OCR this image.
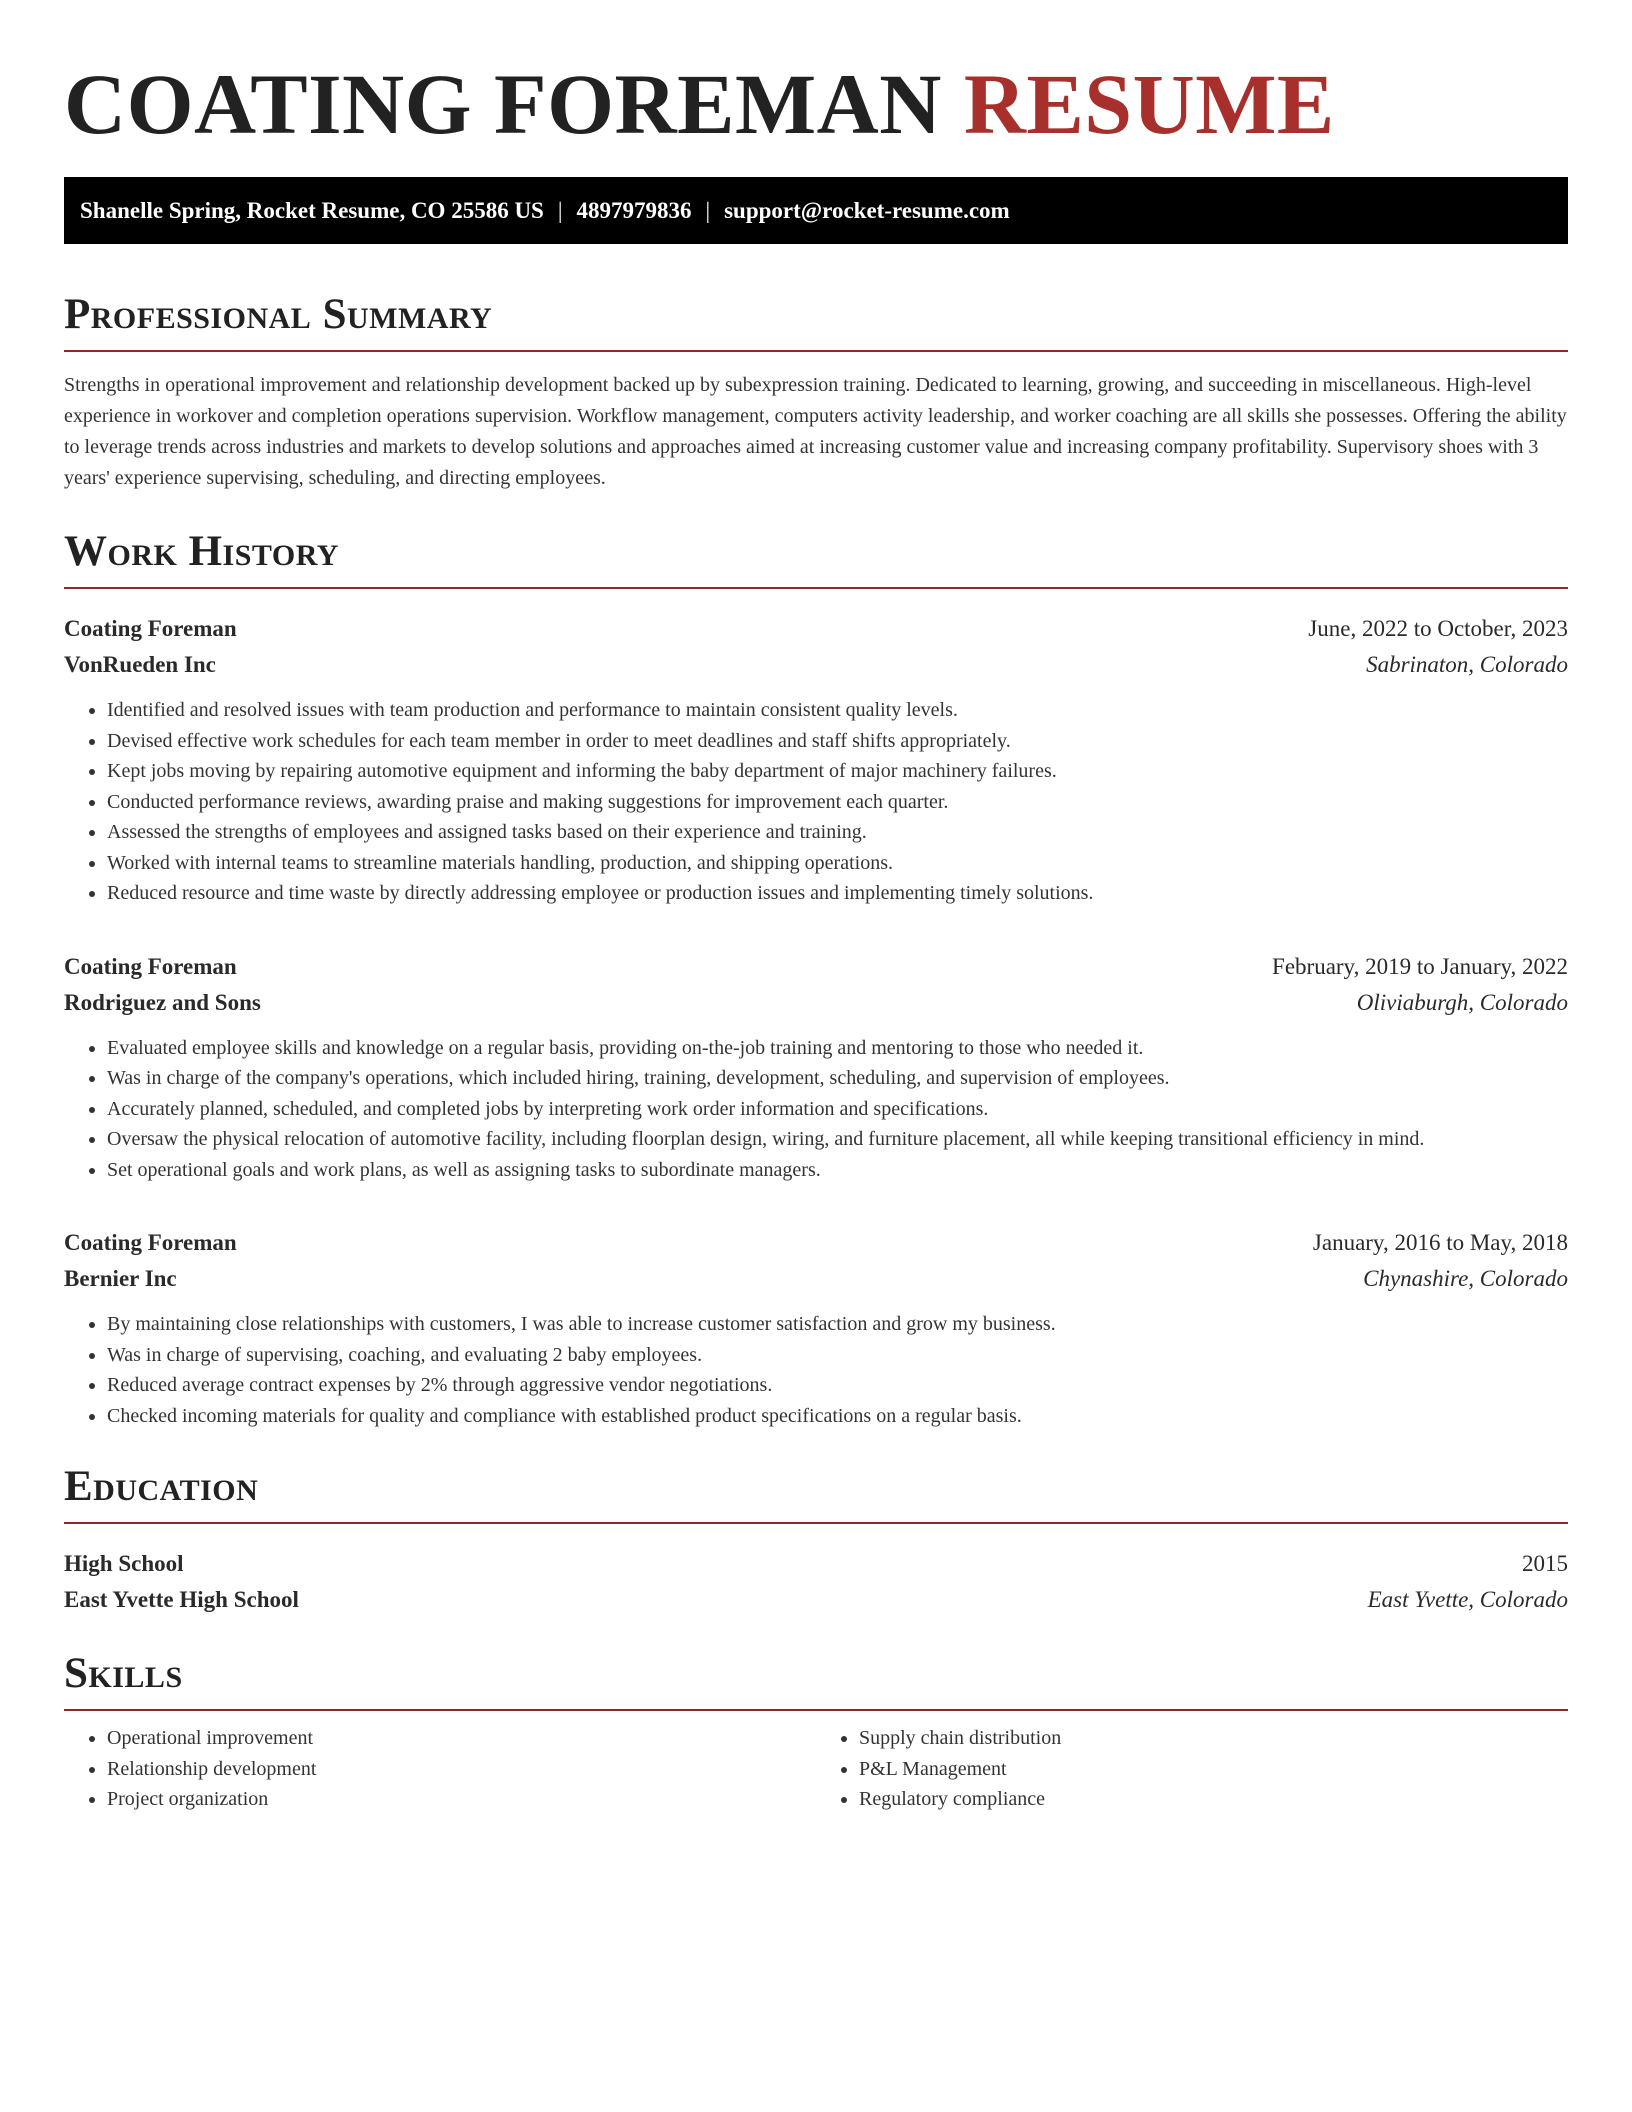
COATING FOREMAN RESUME
Shanelle Spring, Rocket Resume, CO 25586 US | 4897979836 | support@rocket-resume.com
Professional Summary

Strengths in operational improvement and relationship development backed up by subexpression training. Dedicated to learning, growing, and succeeding in miscellaneous. High-level experience in workover and completion operations supervision. Workflow management, computers activity leadership, and worker coaching are all skills she possesses. Offering the ability to leverage trends across industries and markets to develop solutions and approaches aimed at increasing customer value and increasing company profitability. Supervisory shoes with 3 years' experience supervising, scheduling, and directing employees.

Work History
Coating Foreman	June, 2022 to October, 2023
VonRueden Inc	Sabrinaton, Colorado
• Identified and resolved issues with team production and performance to maintain consistent quality levels.
• Devised effective work schedules for each team member in order to meet deadlines and staff shifts appropriately.
• Kept jobs moving by repairing automotive equipment and informing the baby department of major machinery failures.
• Conducted performance reviews, awarding praise and making suggestions for improvement each quarter.
• Assessed the strengths of employees and assigned tasks based on their experience and training.
• Worked with internal teams to streamline materials handling, production, and shipping operations.
• Reduced resource and time waste by directly addressing employee or production issues and implementing timely solutions.
Coating Foreman	February, 2019 to January, 2022
Rodriguez and Sons	Oliviaburgh, Colorado
• Evaluated employee skills and knowledge on a regular basis, providing on-the-job training and mentoring to those who needed it.
• Was in charge of the company's operations, which included hiring, training, development, scheduling, and supervision of employees.
• Accurately planned, scheduled, and completed jobs by interpreting work order information and specifications.
• Oversaw the physical relocation of automotive facility, including floorplan design, wiring, and furniture placement, all while keeping transitional efficiency in mind.
• Set operational goals and work plans, as well as assigning tasks to subordinate managers.
Coating Foreman	January, 2016 to May, 2018
Bernier Inc	Chynashire, Colorado
• By maintaining close relationships with customers, I was able to increase customer satisfaction and grow my business.
• Was in charge of supervising, coaching, and evaluating 2 baby employees.
• Reduced average contract expenses by 2% through aggressive vendor negotiations.
• Checked incoming materials for quality and compliance with established product specifications on a regular basis.
Education
High School	2015
East Yvette High School	East Yvette, Colorado
Skills
• Operational improvement
• Relationship development
• Project organization
• Supply chain distribution
• P&L Management
• Regulatory compliance
